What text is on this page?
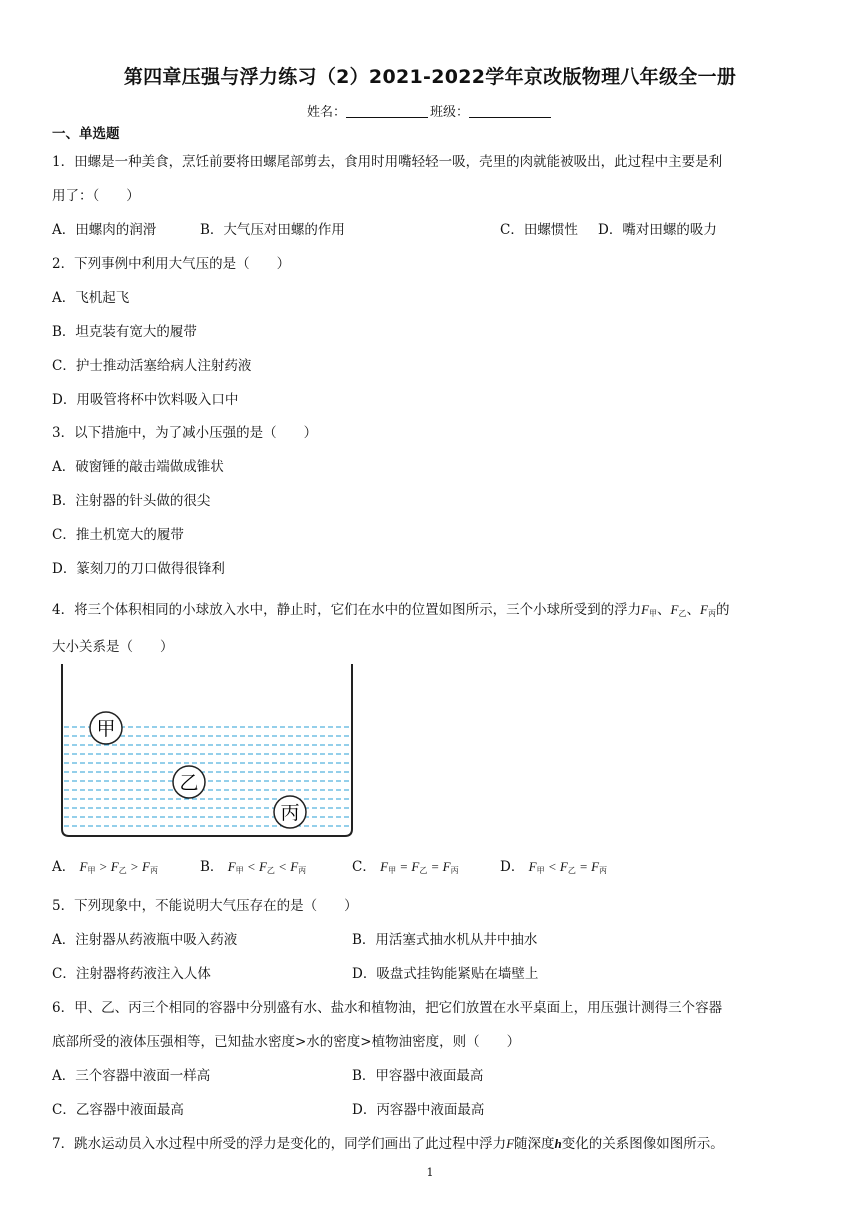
第四章压强与浮力练习（2）2021-2022学年京改版物理八年级全一册
姓名：	班级：
一、单选题
1．田螺是一种美食，烹饪前要将田螺尾部剪去，食用时用嘴轻轻一吸，壳里的肉就能被吸出，此过程中主要是利
用了：（　　）
A．田螺肉的润滑	B．大气压对田螺的作用	C．田螺惯性 D．嘴对田螺的吸力
2．下列事例中利用大气压的是（　　）
A．飞机起飞
B．坦克装有宽大的履带
C．护士推动活塞给病人注射药液
D．用吸管将杯中饮料吸入口中
3．以下措施中，为了减小压强的是（　　）
A．破窗锤的敲击端做成锥状
B．注射器的针头做的很尖
C．推土机宽大的履带
D．篆刻刀的刀口做得很锋利
4．将三个体积相同的小球放入水中，静止时，它们在水中的位置如图所示，三个小球所受到的浮力$F_甲$、$F_乙$、$F_丙$的
大小关系是（　　）
甲
乙
丙
A． $F_甲 > F_乙 > F_丙$	B． $F_甲 < F_乙 < F_丙$	C． $F_甲 = F_乙 = F_丙$	D． $F_甲 < F_乙 = F_丙$
5．下列现象中，不能说明大气压存在的是（　　）
A．注射器从药液瓶中吸入药液	B．用活塞式抽水机从井中抽水
C．注射器将药液注入人体	D．吸盘式挂钩能紧贴在墙壁上
6．甲、乙、丙三个相同的容器中分别盛有水、盐水和植物油，把它们放置在水平桌面上，用压强计测得三个容器
底部所受的液体压强相等，已知盐水密度>水的密度>植物油密度，则（　　）
A．三个容器中液面一样高	B．甲容器中液面最高
C．乙容器中液面最高	D．丙容器中液面最高
7．跳水运动员入水过程中所受的浮力是变化的，同学们画出了此过程中浮力F随深度h变化的关系图像如图所示。
1
